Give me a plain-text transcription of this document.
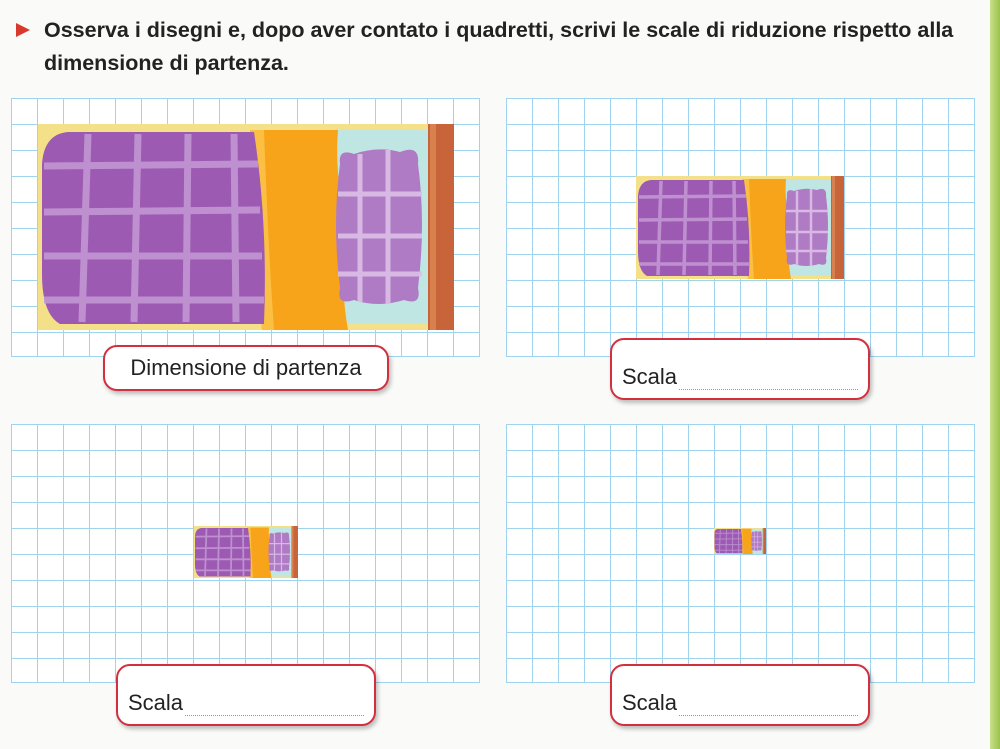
Osserva i disegni e, dopo aver contato i quadretti, scrivi le scale di riduzione rispetto alla dimensione di partenza.
Dimensione di partenza	Scala
Scala	Scala
